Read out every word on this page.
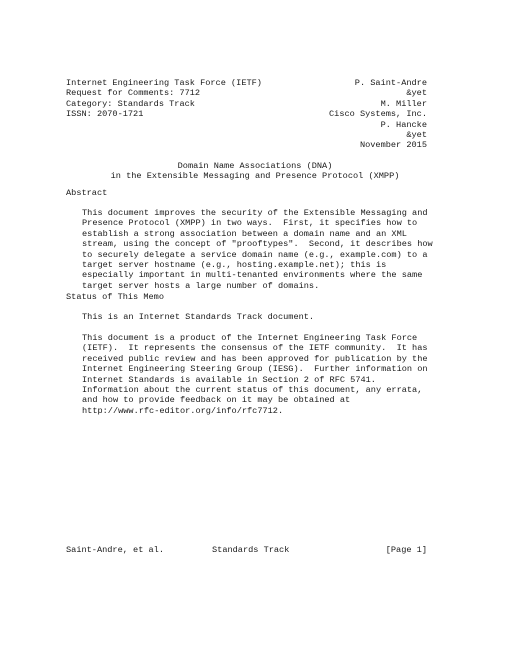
Internet Engineering Task Force (IETF)
Request for Comments: 7712
Category: Standards Track
ISSN: 2070-1721
P. Saint-Andre
&yet
M. Miller
Cisco Systems, Inc.
P. Hancke
&yet
November 2015
Domain Name Associations (DNA)
in the Extensible Messaging and Presence Protocol (XMPP)
Abstract
This document improves the security of the Extensible Messaging and
Presence Protocol (XMPP) in two ways.  First, it specifies how to
establish a strong association between a domain name and an XML
stream, using the concept of "prooftypes".  Second, it describes how
to securely delegate a service domain name (e.g., example.com) to a
target server hostname (e.g., hosting.example.net); this is
especially important in multi-tenanted environments where the same
target server hosts a large number of domains.
Status of This Memo
This is an Internet Standards Track document.
This document is a product of the Internet Engineering Task Force
(IETF).  It represents the consensus of the IETF community.  It has
received public review and has been approved for publication by the
Internet Engineering Steering Group (IESG).  Further information on
Internet Standards is available in Section 2 of RFC 5741.
Information about the current status of this document, any errata,
and how to provide feedback on it may be obtained at
http://www.rfc-editor.org/info/rfc7712.
Saint-Andre, et al.	Standards Track	[Page 1]
